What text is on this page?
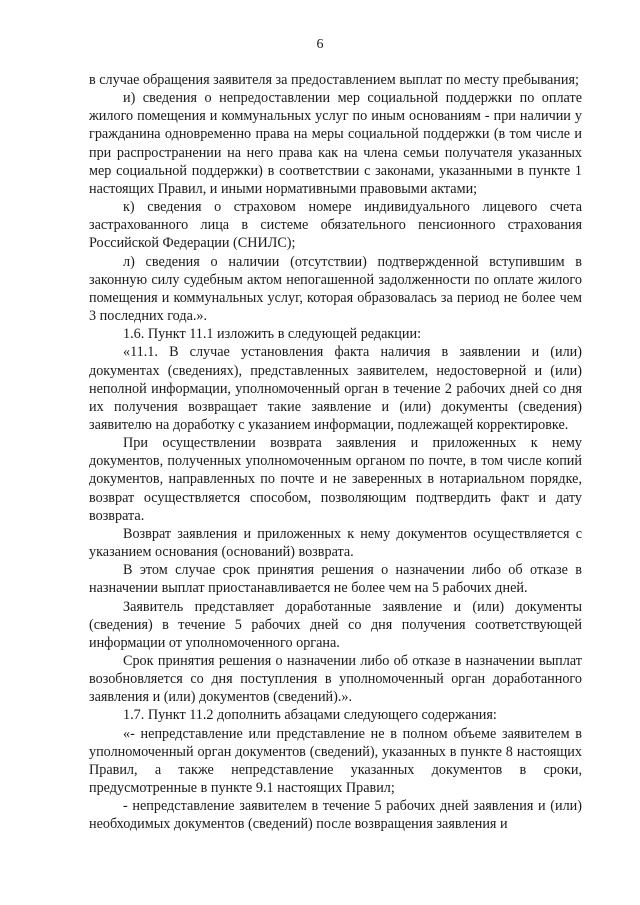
6

в случае обращения заявителя за предоставлением выплат по месту пребывания;

и) сведения о непредоставлении мер социальной поддержки по оплате жилого помещения и коммунальных услуг по иным основаниям - при наличии у гражданина одновременно права на меры социальной поддержки (в том числе и при распространении на него права как на члена семьи получателя указанных мер социальной поддержки) в соответствии с законами, указанными в пункте 1 настоящих Правил, и иными нормативными правовыми актами;

к) сведения о страховом номере индивидуального лицевого счета застрахованного лица в системе обязательного пенсионного страхования Российской Федерации (СНИЛС);

л) сведения о наличии (отсутствии) подтвержденной вступившим в законную силу судебным актом непогашенной задолженности по оплате жилого помещения и коммунальных услуг, которая образовалась за период не более чем 3 последних года.».

1.6. Пункт 11.1 изложить в следующей редакции:

«11.1. В случае установления факта наличия в заявлении и (или) документах (сведениях), представленных заявителем, недостоверной и (или) неполной информации, уполномоченный орган в течение 2 рабочих дней со дня их получения возвращает такие заявление и (или) документы (сведения) заявителю на доработку с указанием информации, подлежащей корректировке.

При осуществлении возврата заявления и приложенных к нему документов, полученных уполномоченным органом по почте, в том числе копий документов, направленных по почте и не заверенных в нотариальном порядке, возврат осуществляется способом, позволяющим подтвердить факт и дату возврата.

Возврат заявления и приложенных к нему документов осуществляется с указанием основания (оснований) возврата.

В этом случае срок принятия решения о назначении либо об отказе в назначении выплат приостанавливается не более чем на 5 рабочих дней.

Заявитель представляет доработанные заявление и (или) документы (сведения) в течение 5 рабочих дней со дня получения соответствующей информации от уполномоченного органа.

Срок принятия решения о назначении либо об отказе в назначении выплат возобновляется со дня поступления в уполномоченный орган доработанного заявления и (или) документов (сведений).».

1.7. Пункт 11.2 дополнить абзацами следующего содержания:

«- непредставление или представление не в полном объеме заявителем в уполномоченный орган документов (сведений), указанных в пункте 8 настоящих Правил, а также непредставление указанных документов в сроки, предусмотренные в пункте 9.1 настоящих Правил;

- непредставление заявителем в течение 5 рабочих дней заявления и (или) необходимых документов (сведений) после возвращения заявления и
